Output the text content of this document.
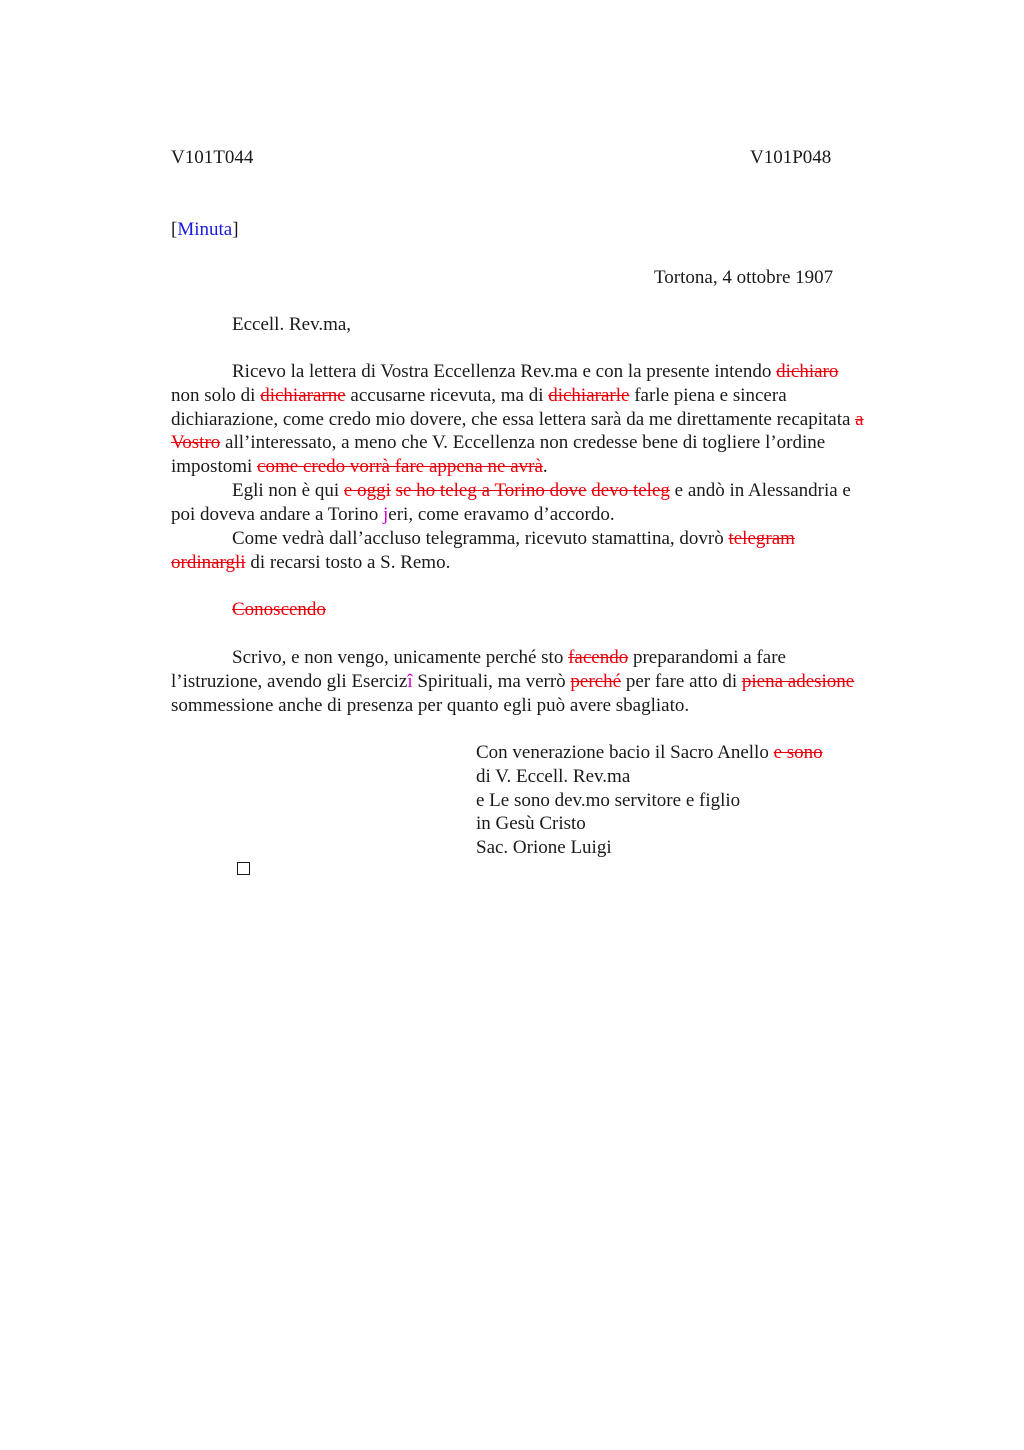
V101T044	V101P048
[Minuta]
Tortona, 4 ottobre 1907
Eccell. Rev.ma,
Ricevo la lettera di Vostra Eccellenza Rev.ma e con la presente intendo dichiaro
non solo di dichiararne accusarne ricevuta, ma di dichiararle farle piena e sincera
dichiarazione, come credo mio dovere, che essa lettera sarà da me direttamente recapitata a
Vostro all’interessato, a meno che V. Eccellenza non credesse bene di togliere l’ordine
impostomi come credo vorrà fare appena ne avrà.
Egli non è qui e oggi se ho teleg a Torino dove devo teleg e andò in Alessandria e
poi doveva andare a Torino jeri, come eravamo d’accordo.
Come vedrà dall’accluso telegramma, ricevuto stamattina, dovrò telegram
ordinargli di recarsi tosto a S. Remo.
Conoscendo
Scrivo, e non vengo, unicamente perché sto facendo preparandomi a fare
l’istruzione, avendo gli Esercizî Spirituali, ma verrò perché per fare atto di piena adesione
sommessione anche di presenza per quanto egli può avere sbagliato.
Con venerazione bacio il Sacro Anello e sono
di V. Eccell. Rev.ma
e Le sono dev.mo servitore e figlio
in Gesù Cristo
Sac. Orione Luigi
